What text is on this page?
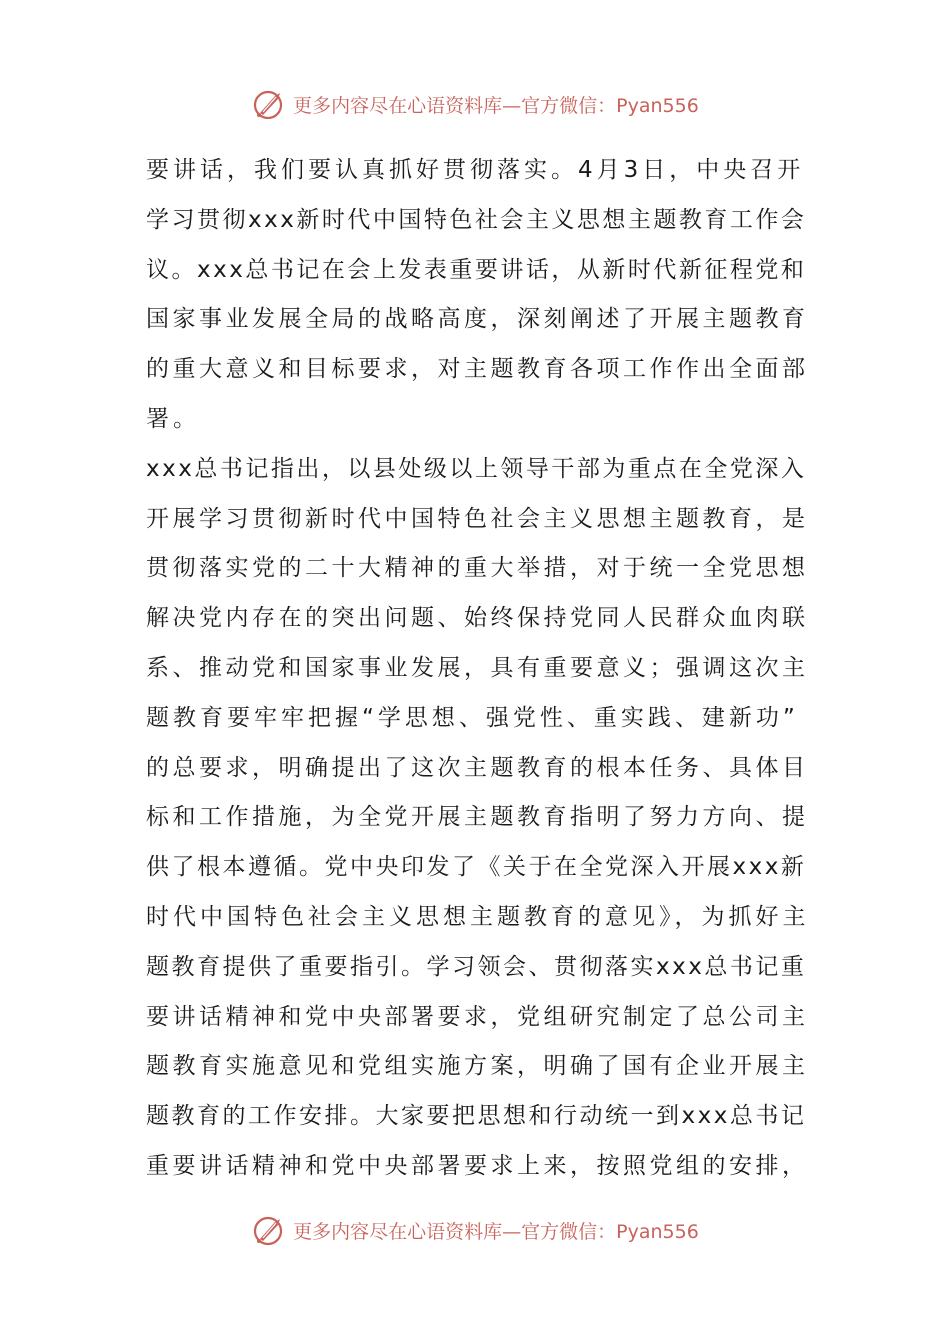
更多内容尽在心语资料库—官方微信：Pyan556
要讲话，我们要认真抓好贯彻落实。4月3日，中央召开
学习贯彻xxx新时代中国特色社会主义思想主题教育工作会
议。xxx总书记在会上发表重要讲话，从新时代新征程党和
国家事业发展全局的战略高度，深刻阐述了开展主题教育
的重大意义和目标要求，对主题教育各项工作作出全面部
署。
xxx总书记指出，以县处级以上领导干部为重点在全党深入
开展学习贯彻新时代中国特色社会主义思想主题教育，是
贯彻落实党的二十大精神的重大举措，对于统一全党思想
解决党内存在的突出问题、始终保持党同人民群众血肉联
系、推动党和国家事业发展，具有重要意义；强调这次主
题教育要牢牢把握“学思想、强党性、重实践、建新功”
的总要求，明确提出了这次主题教育的根本任务、具体目
标和工作措施，为全党开展主题教育指明了努力方向、提
供了根本遵循。党中央印发了《关于在全党深入开展xxx新
时代中国特色社会主义思想主题教育的意见》，为抓好主
题教育提供了重要指引。学习领会、贯彻落实xxx总书记重
要讲话精神和党中央部署要求，党组研究制定了总公司主
题教育实施意见和党组实施方案，明确了国有企业开展主
题教育的工作安排。大家要把思想和行动统一到xxx总书记
重要讲话精神和党中央部署要求上来，按照党组的安排，
更多内容尽在心语资料库—官方微信：Pyan556
